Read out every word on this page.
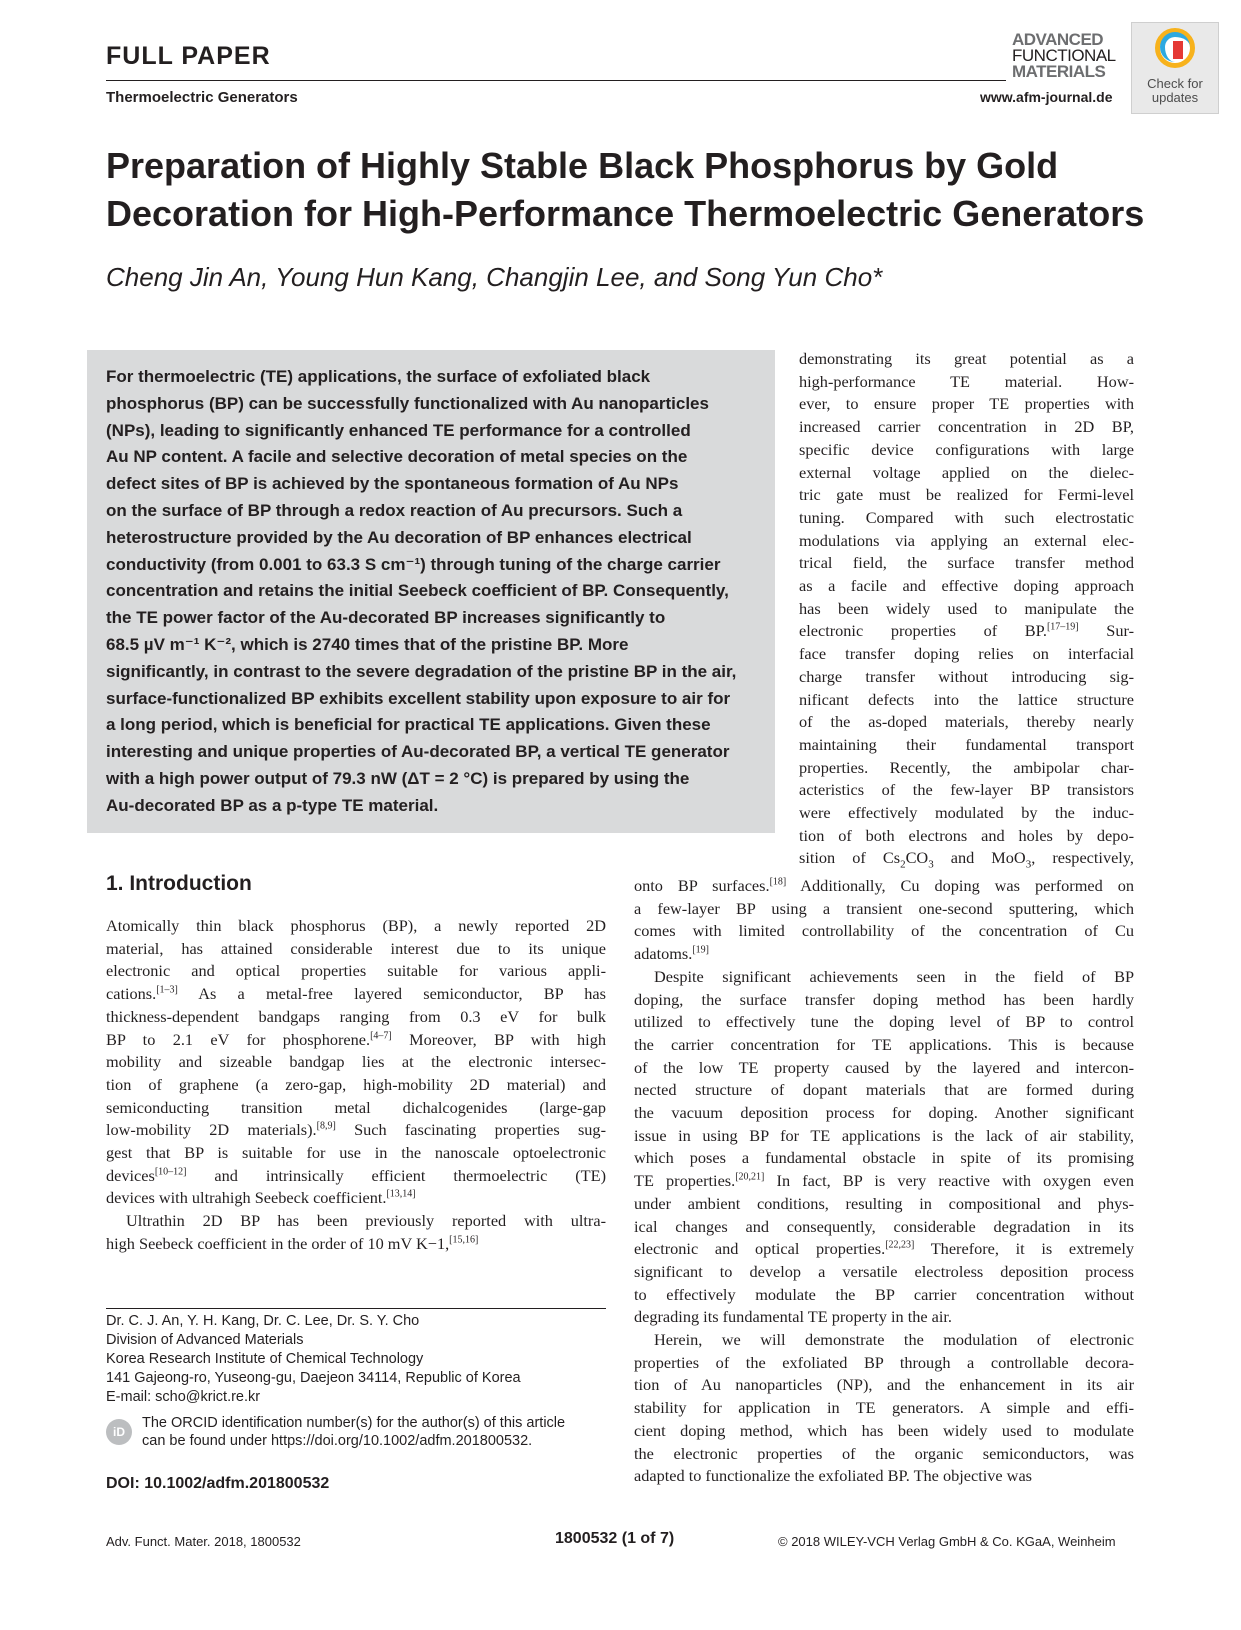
FULL PAPER
Thermoelectric Generators
ADVANCED
FUNCTIONAL
MATERIALS
www.afm-journal.de
Check for
updates
Preparation of Highly Stable Black Phosphorus by Gold
Decoration for High-Performance Thermoelectric Generators
Cheng Jin An, Young Hun Kang, Changjin Lee, and Song Yun Cho*
For thermoelectric (TE) applications, the surface of exfoliated black
phosphorus (BP) can be successfully functionalized with Au nanoparticles
(NPs), leading to significantly enhanced TE performance for a controlled
Au NP content. A facile and selective decoration of metal species on the
defect sites of BP is achieved by the spontaneous formation of Au NPs
on the surface of BP through a redox reaction of Au precursors. Such a
heterostructure provided by the Au decoration of BP enhances electrical
conductivity (from 0.001 to 63.3 S cm⁻¹) through tuning of the charge carrier
concentration and retains the initial Seebeck coefficient of BP. Consequently,
the TE power factor of the Au-decorated BP increases significantly to
68.5 µV m⁻¹ K⁻², which is 2740 times that of the pristine BP. More
significantly, in contrast to the severe degradation of the pristine BP in the air,
surface-functionalized BP exhibits excellent stability upon exposure to air for
a long period, which is beneficial for practical TE applications. Given these
interesting and unique properties of Au-decorated BP, a vertical TE generator
with a high power output of 79.3 nW (ΔT = 2 °C) is prepared by using the
Au-decorated BP as a p-type TE material.
demonstrating its great potential as a
high-performance TE material. How-
ever, to ensure proper TE properties with
increased carrier concentration in 2D BP,
specific device configurations with large
external voltage applied on the dielec-
tric gate must be realized for Fermi-level
tuning. Compared with such electrostatic
modulations via applying an external elec-
trical field, the surface transfer method
as a facile and effective doping approach
has been widely used to manipulate the
electronic properties of BP.[17–19] Sur-
face transfer doping relies on interfacial
charge transfer without introducing sig-
nificant defects into the lattice structure
of the as-doped materials, thereby nearly
maintaining their fundamental transport
properties. Recently, the ambipolar char-
acteristics of the few-layer BP transistors
were effectively modulated by the induc-
tion of both electrons and holes by depo-
sition of $Cs_2CO_3$ and MoO$_3$, respectively,
1. Introduction
Atomically thin black phosphorus (BP), a newly reported 2D
material, has attained considerable interest due to its unique
electronic and optical properties suitable for various appli-
cations.[1–3] As a metal-free layered semiconductor, BP has
thickness-dependent bandgaps ranging from 0.3 eV for bulk
BP to 2.1 eV for phosphorene.[4–7] Moreover, BP with high
mobility and sizeable bandgap lies at the electronic intersec-
tion of graphene (a zero-gap, high-mobility 2D material) and
semiconducting transition metal dichalcogenides (large-gap
low-mobility 2D materials).[8,9] Such fascinating properties sug-
gest that BP is suitable for use in the nanoscale optoelectronic
devices[10–12] and intrinsically efficient thermoelectric (TE)
devices with ultrahigh Seebeck coefficient.[13,14]
Ultrathin 2D BP has been previously reported with ultra-
high Seebeck coefficient in the order of 10 mV K−1,[15,16]
onto BP surfaces.[18] Additionally, Cu doping was performed on
a few-layer BP using a transient one-second sputtering, which
comes with limited controllability of the concentration of Cu
adatoms.[19]
Despite significant achievements seen in the field of BP
doping, the surface transfer doping method has been hardly
utilized to effectively tune the doping level of BP to control
the carrier concentration for TE applications. This is because
of the low TE property caused by the layered and intercon-
nected structure of dopant materials that are formed during
the vacuum deposition process for doping. Another significant
issue in using BP for TE applications is the lack of air stability,
which poses a fundamental obstacle in spite of its promising
TE properties.[20,21] In fact, BP is very reactive with oxygen even
under ambient conditions, resulting in compositional and phys-
ical changes and consequently, considerable degradation in its
electronic and optical properties.[22,23] Therefore, it is extremely
significant to develop a versatile electroless deposition process
to effectively modulate the BP carrier concentration without
degrading its fundamental TE property in the air.
Herein, we will demonstrate the modulation of electronic
properties of the exfoliated BP through a controllable decora-
tion of Au nanoparticles (NP), and the enhancement in its air
stability for application in TE generators. A simple and effi-
cient doping method, which has been widely used to modulate
the electronic properties of the organic semiconductors, was
adapted to functionalize the exfoliated BP. The objective was
Dr. C. J. An, Y. H. Kang, Dr. C. Lee, Dr. S. Y. Cho
Division of Advanced Materials
Korea Research Institute of Chemical Technology
141 Gajeong-ro, Yuseong-gu, Daejeon 34114, Republic of Korea
E-mail: scho@krict.re.kr
iD
The ORCID identification number(s) for the author(s) of this article
can be found under https://doi.org/10.1002/adfm.201800532.
DOI: 10.1002/adfm.201800532
Adv. Funct. Mater. 2018, 1800532	1800532 (1 of 7)	© 2018 WILEY-VCH Verlag GmbH & Co. KGaA, Weinheim
